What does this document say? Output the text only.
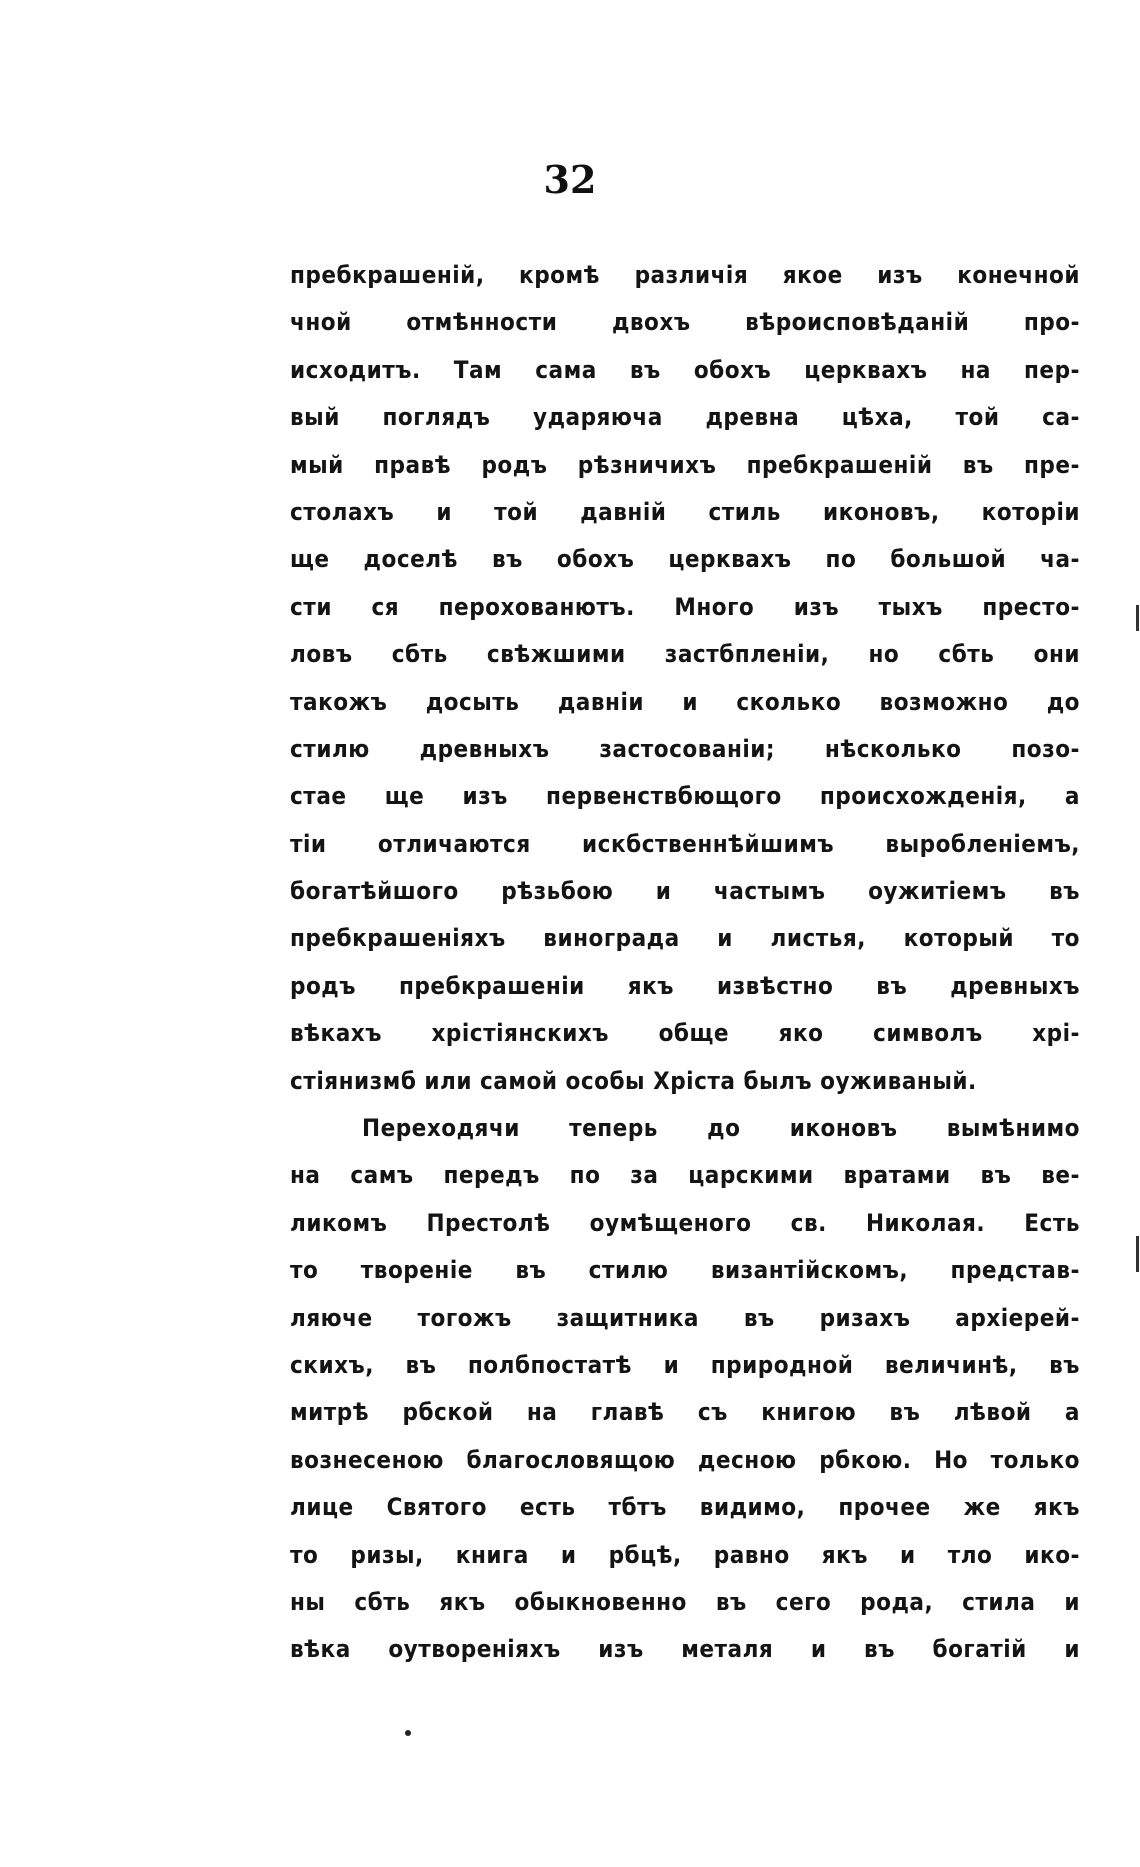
32
пребкрашеній, кромѣ различія якое изъ конечной
чной отмѣнности двохъ вѣроисповѣданій про-
исходитъ. Там сама въ обохъ церквахъ на пер-
вый поглядъ ударяюча древна цѣха, той са-
мый правѣ родъ рѣзничихъ пребкрашеній въ пре-
столахъ и той давній стиль иконовъ, которіи
ще доселѣ въ обохъ церквахъ по большой ча-
сти ся перохованютъ. Много изъ тыхъ престо-
ловъ сбть свѣжшими застбпленіи, но сбть они
такожъ досыть давніи и сколько возможно до
стилю древныхъ застосованіи; нѣсколько позо-
стае ще изъ первенствбющого происхожденія, а
тіи отличаются искбственнѣйшимъ выробленіемъ,
богатѣйшого рѣзьбою и частымъ оужитіемъ въ
пребкрашеніяхъ винограда и листья, который то
родъ пребкрашеніи якъ извѣстно въ древныхъ
вѣкахъ хрістіянскихъ обще яко символъ хрі-
стіянизмб или самой особы Хріста былъ оуживаный.
Переходячи теперь до иконовъ вымѣнимо
на самъ передъ по за царскими вратами въ ве-
ликомъ Престолѣ оумѣщеного св. Николая. Есть
то твореніе въ стилю византійскомъ, представ-
ляюче тогожъ защитника въ ризахъ архіерей-
скихъ, въ полбпостатѣ и природной величинѣ, въ
митрѣ рбской на главѣ съ книгою въ лѣвой а
вознесеною благословящою десною рбкою. Но только
лице Святого есть тбтъ видимо, прочее же якъ
то ризы, книга и рбцѣ, равно якъ и тло ико-
ны сбть якъ обыкновенно въ сего рода, стила и
вѣка оутвореніяхъ изъ металя и въ богатій и
